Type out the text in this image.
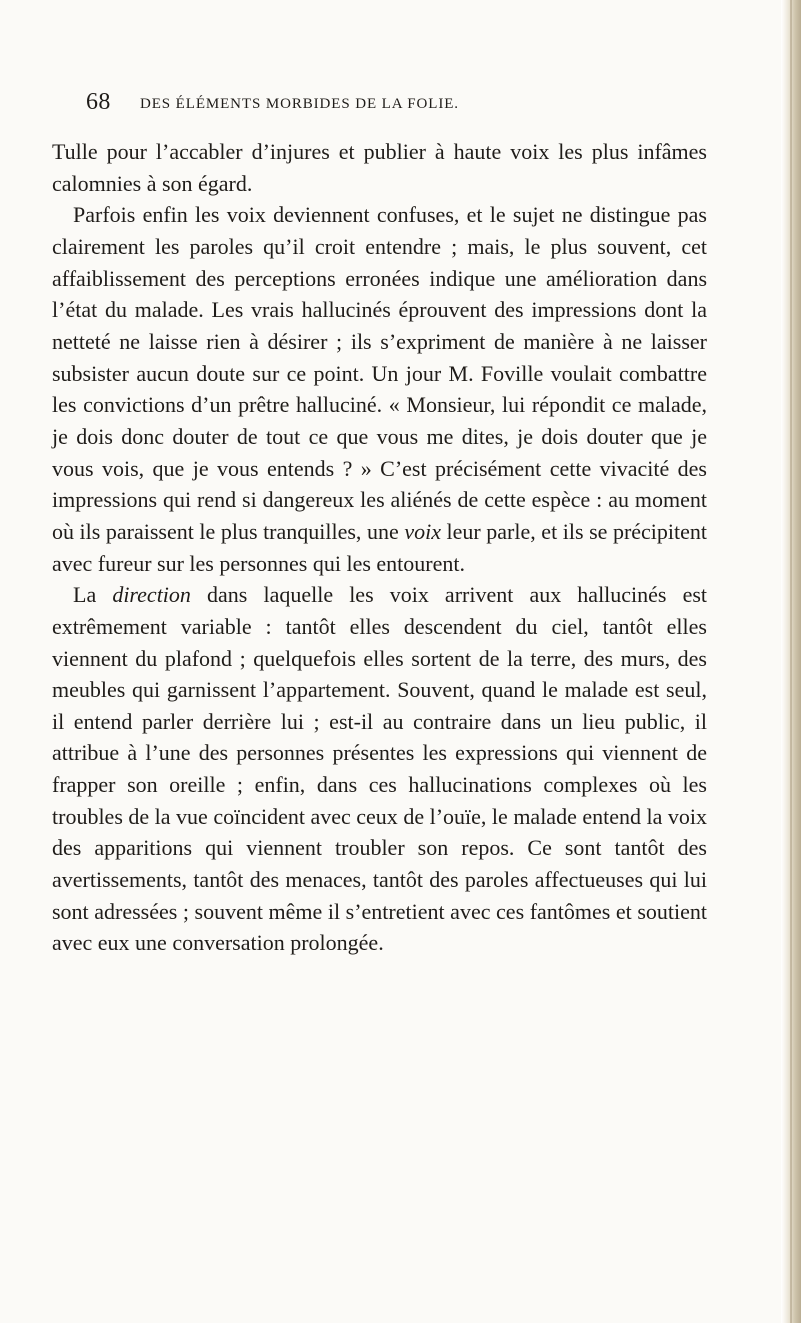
68 DES ÉLÉMENTS MORBIDES DE LA FOLIE.

Tulle pour l’accabler d’injures et publier à haute voix les plus infâmes calomnies à son égard.

Parfois enfin les voix deviennent confuses, et le sujet ne distingue pas clairement les paroles qu’il croit entendre ; mais, le plus souvent, cet affaiblissement des perceptions erronées indique une amélioration dans l’état du malade. Les vrais hallucinés éprouvent des impressions dont la netteté ne laisse rien à désirer ; ils s’expriment de manière à ne laisser subsister aucun doute sur ce point. Un jour M. Foville voulait combattre les convictions d’un prêtre halluciné. « Monsieur, lui répondit ce malade, je dois donc douter de tout ce que vous me dites, je dois douter que je vous vois, que je vous entends ? » C’est précisément cette vivacité des impressions qui rend si dangereux les aliénés de cette espèce : au moment où ils paraissent le plus tranquilles, une voix leur parle, et ils se précipitent avec fureur sur les personnes qui les entourent.

La direction dans laquelle les voix arrivent aux hallucinés est extrêmement variable : tantôt elles descendent du ciel, tantôt elles viennent du plafond ; quelquefois elles sortent de la terre, des murs, des meubles qui garnissent l’appartement. Souvent, quand le malade est seul, il entend parler derrière lui ; est-il au contraire dans un lieu public, il attribue à l’une des personnes présentes les expressions qui viennent de frapper son oreille ; enfin, dans ces hallucinations complexes où les troubles de la vue coïncident avec ceux de l’ouïe, le malade entend la voix des apparitions qui viennent troubler son repos. Ce sont tantôt des avertissements, tantôt des menaces, tantôt des paroles affectueuses qui lui sont adressées ; souvent même il s’entretient avec ces fantômes et soutient avec eux une conversation prolongée.
